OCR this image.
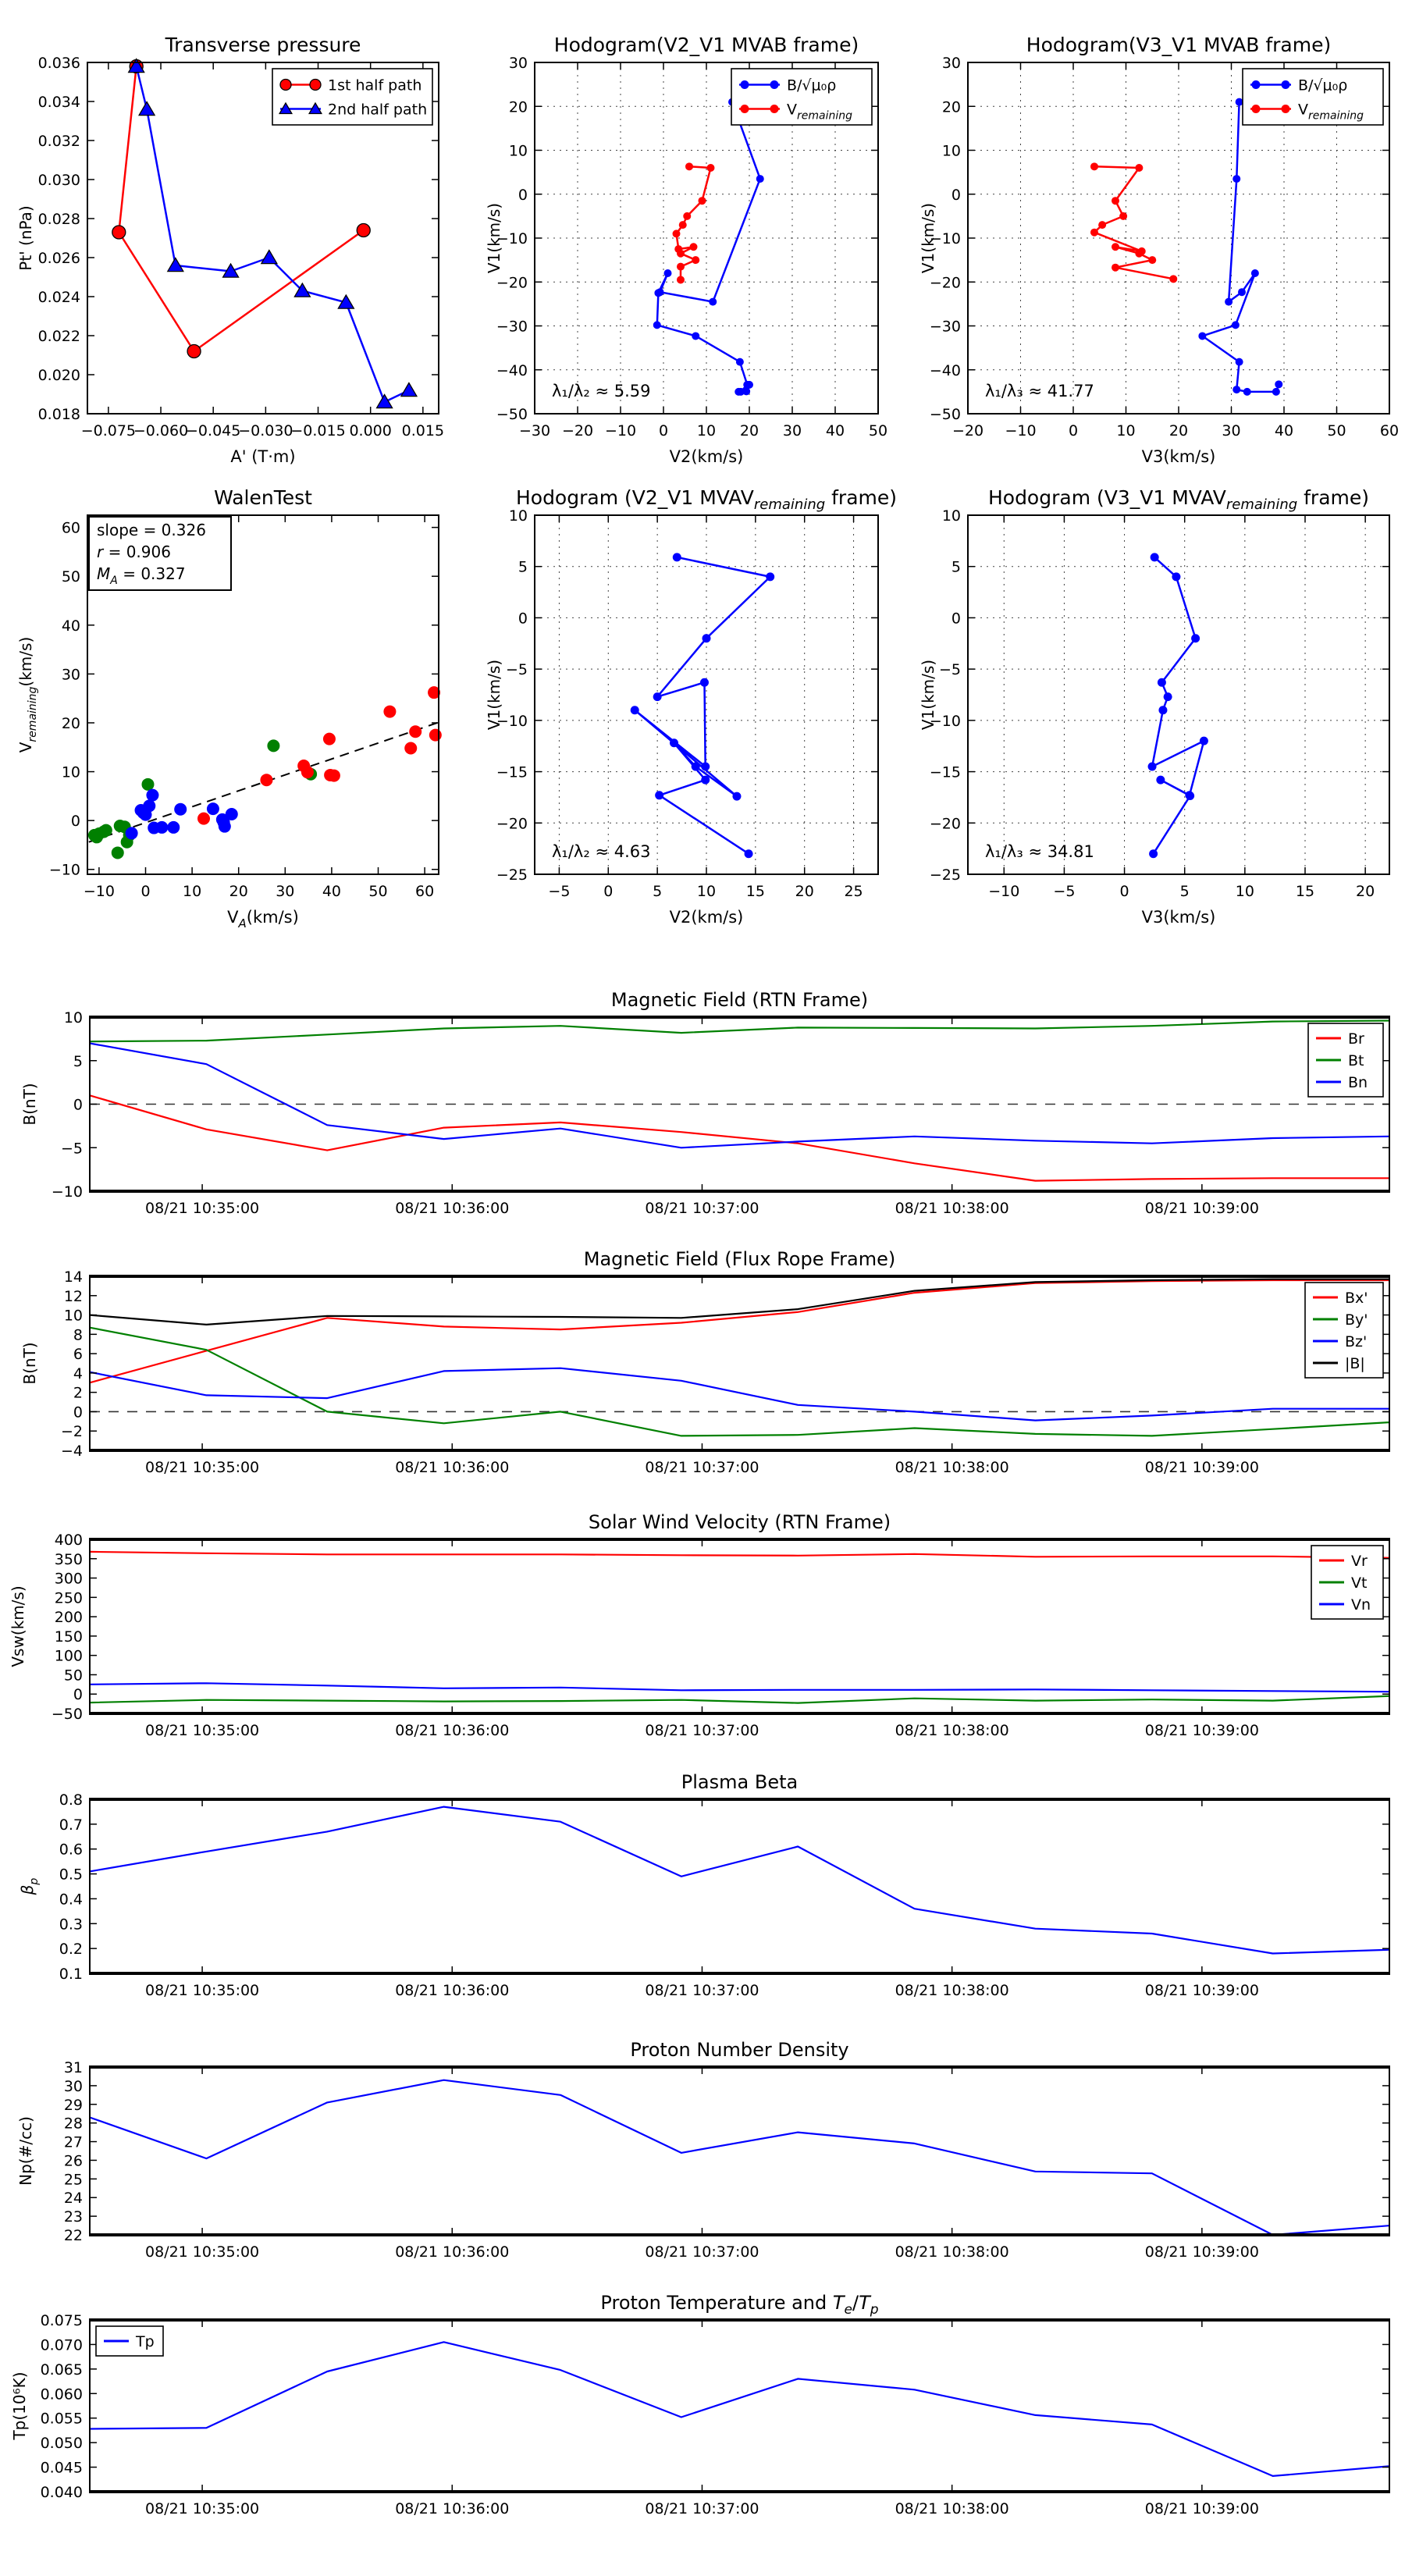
−0.075
−0.060
−0.045
−0.030
−0.015 0.000 0.015
0.018
0.020
0.022
0.024
0.026
0.028
0.030
0.032
0.034
0.036
Transverse pressure
A' (T·m)
Pt' (nPa)
1st half path
2nd half path
−30 −20 −10 0 10 20 30 40 50
−50
−40
−30
−20
−10
0
10
20
30
Hodogram(V2_V1 MVAB frame)
V2(km/s)
V1(km/s)
B/√μ₀ρ
$V_{remaining}$
λ₁/λ₂ ≈ 5.59
−20 −10 0	10 20 30 40 50 60
−50
−40
−30
−20
−10
0
10
20
30
Hodogram(V3_V1 MVAB frame)
V3(km/s)
V1(km/s)
B/√μ₀ρ
$V_{remaining}$
λ₁/λ₃ ≈ 41.77
−10 0 10 20 30 40 50 60
−10
0
10
20
30
40
50
60
WalenTest
$V_A(km/s)$
$V_{remaining}(km/s)$
slope = 0.326
r = 0.906
$M_A = 0.327$
−5 0	5 10 15 20 25
−25
−20
−15
−10
−5
0
5
10
Hodogram (V2_V1 $MVAV_{remaining}$ frame)
V2(km/s)
V1(km/s)
λ₁/λ₂ ≈ 4.63
−10 −5	0	5	10	15	20
−25
−20
−15
−10
−5
0
5
10
Hodogram (V3_V1 $MVAV_{remaining}$ frame)
V3(km/s)
V1(km/s)
λ₁/λ₃ ≈ 34.81
08/21 10:35:00	08/21 10:36:00	08/21 10:37:00	08/21 10:38:00	08/21 10:39:00
−10
−5
0
5
10
Magnetic Field (RTN Frame)
B(nT)
Br
Bt
Bn
08/21 10:35:00	08/21 10:36:00	08/21 10:37:00	08/21 10:38:00	08/21 10:39:00
−4
−2
0
2
4
6
8
10
12
14
Magnetic Field (Flux Rope Frame)
B(nT)
Bx'
By'
Bz'
|B|
08/21 10:35:00	08/21 10:36:00	08/21 10:37:00	08/21 10:38:00	08/21 10:39:00
−50
0
50
100
150
200
250
300
350
400
Solar Wind Velocity (RTN Frame)
Vsw(km/s)
Vr
Vt
Vn
08/21 10:35:00	08/21 10:36:00	08/21 10:37:00	08/21 10:38:00	08/21 10:39:00
0.1
0.2
0.3
0.4
0.5
0.6
0.7
0.8
Plasma Beta
$\beta_p$
08/21 10:35:00	08/21 10:36:00	08/21 10:37:00	08/21 10:38:00	08/21 10:39:00
22
23
24
25
26
27
28
29
30
31
Proton Number Density
Np(#/cc)
08/21 10:35:00	08/21 10:36:00	08/21 10:37:00	08/21 10:38:00	08/21 10:39:00
0.040
0.045
0.050
0.055
0.060
0.065
0.070
0.075
Proton Temperature and $T_e/T_p$
Tp(10⁶K)
Tp
